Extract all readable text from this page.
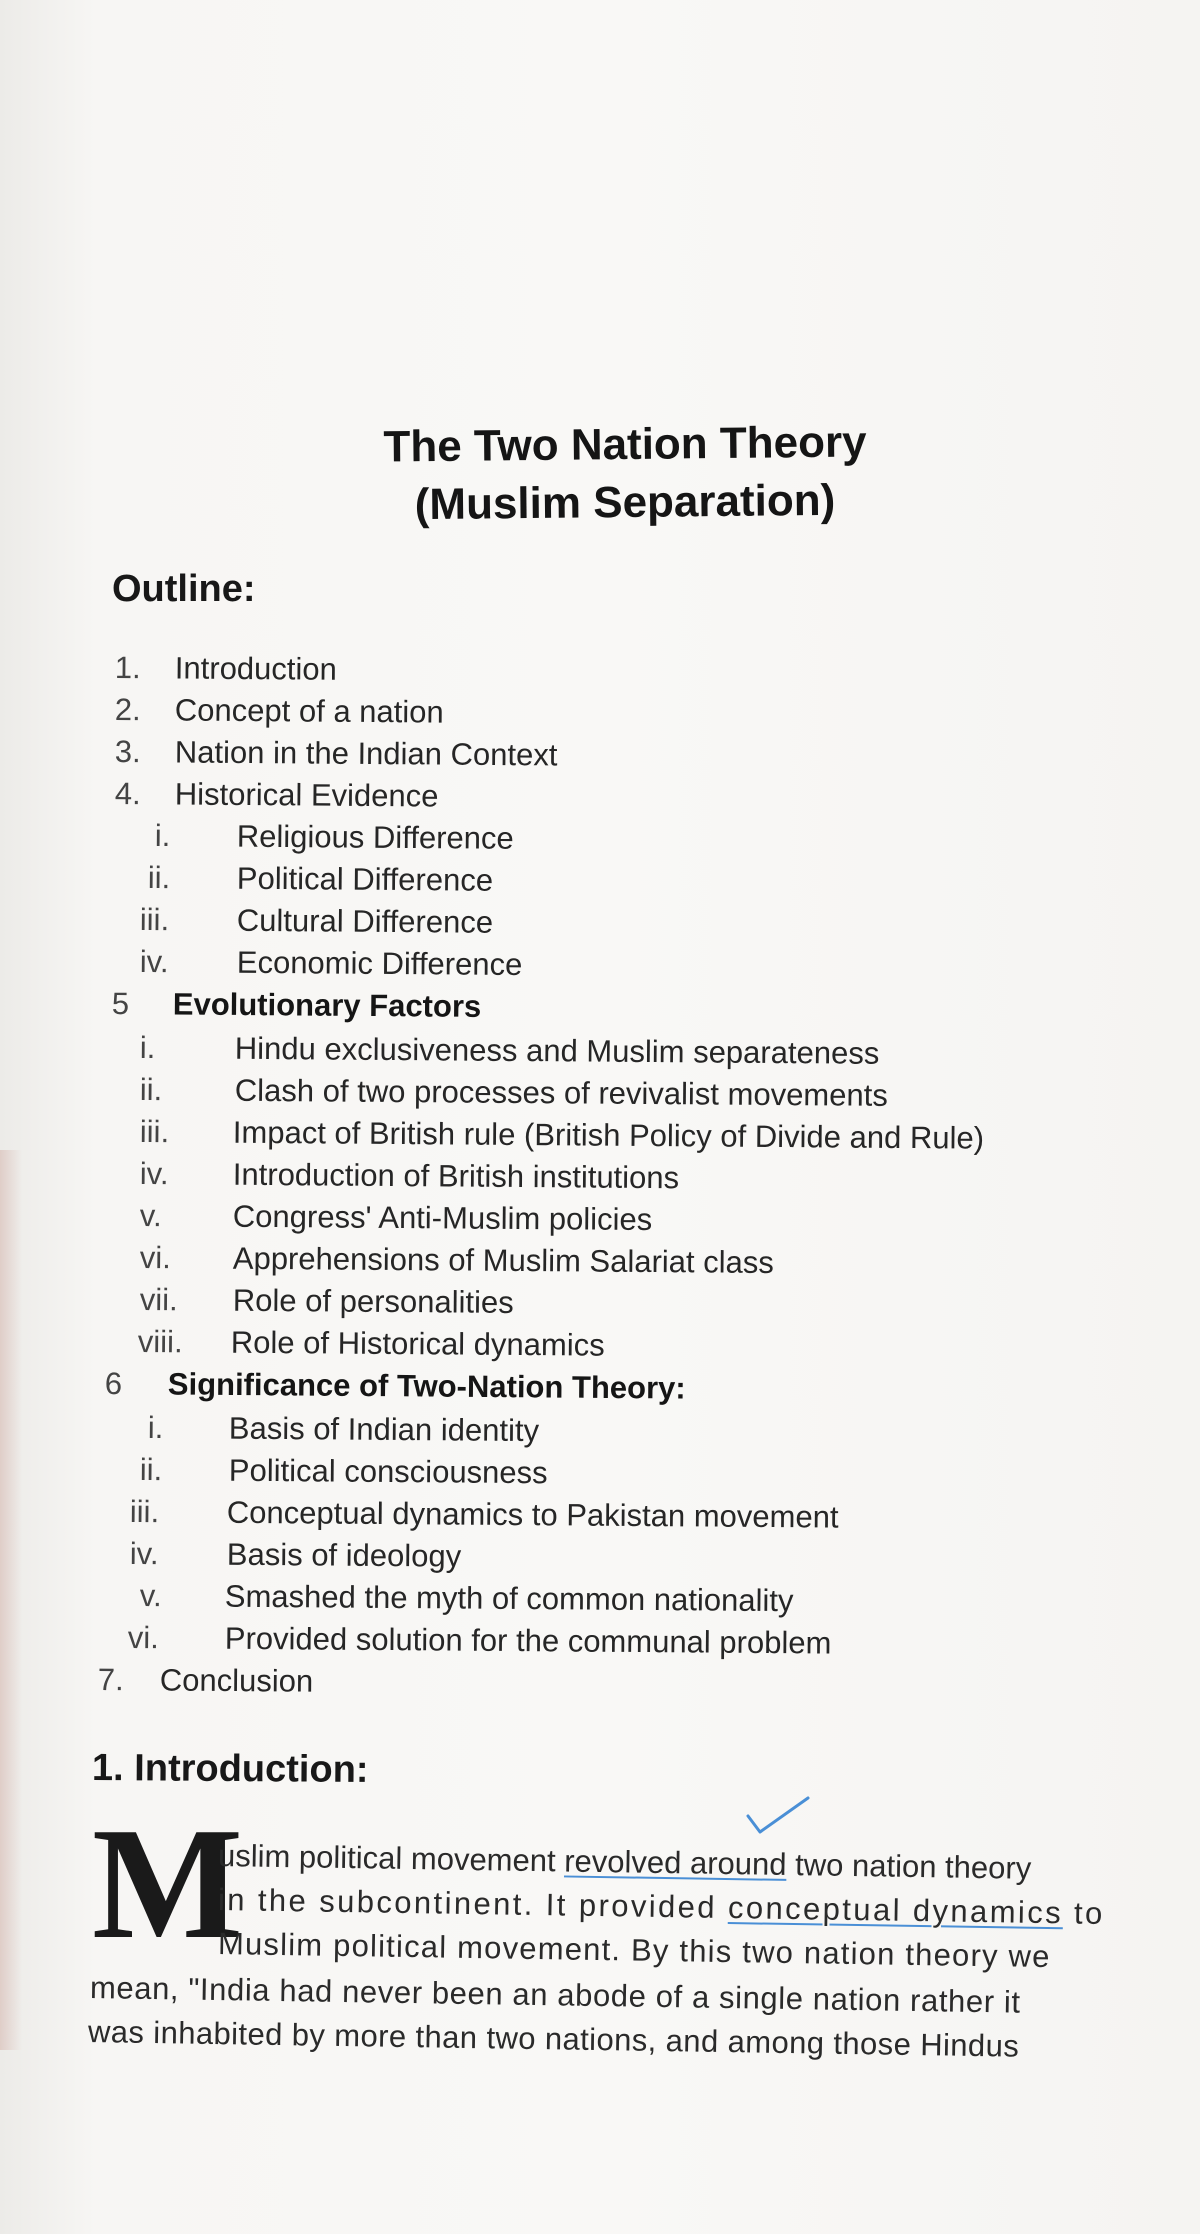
The Two Nation Theory
(Muslim Separation)
Outline:
1.	Introduction
2.	Concept of a nation
3.	Nation in the Indian Context
4.	Historical Evidence
i.	Religious Difference
ii.	Political Difference
iii.	Cultural Difference
iv.	Economic Difference
5	Evolutionary Factors
i.	Hindu exclusiveness and Muslim separateness
ii.	Clash of two processes of revivalist movements
iii.	Impact of British rule (British Policy of Divide and Rule)
iv.	Introduction of British institutions
v.	Congress' Anti-Muslim policies
vi.	Apprehensions of Muslim Salariat class
vii.	Role of personalities
viii.	Role of Historical dynamics
6	Significance of Two-Nation Theory:
i.	Basis of Indian identity
ii.	Political consciousness
iii.	Conceptual dynamics to Pakistan movement
iv.	Basis of ideology
v.	Smashed the myth of common nationality
vi.	Provided solution for the communal problem
7.	Conclusion
1. Introduction:
M
uslim political movement revolved around two nation theory
in the subcontinent. It provided conceptual dynamics to
Muslim political movement. By this two nation theory we
mean, "India had never been an abode of a single nation rather it
was inhabited by more than two nations, and among those Hindus
